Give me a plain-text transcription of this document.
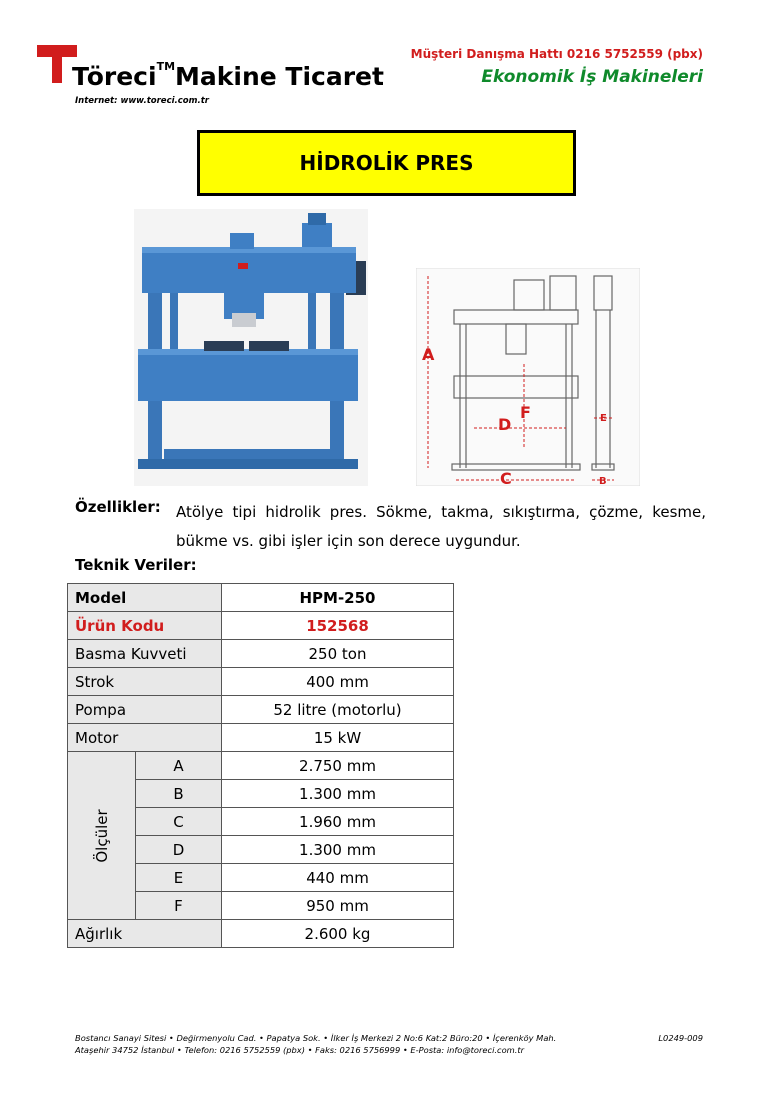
Töreci™Makine Ticaret
Internet: www.toreci.com.tr
Müşteri Danışma Hattı 0216 5752559 (pbx)
Ekonomik İş Makineleri
HİDROLİK PRES
A
F
D
C
E
B
Özellikler: Atölye tipi hidrolik pres. Sökme, takma, sıkıştırma, çözme, kesme, bükme vs. gibi işler için son derece uygundur.
Teknik Veriler:
Model		HPM-250
Ürün Kodu		152568
Basma Kuvveti		250 ton
Strok		400 mm
Pompa		52 litre (motorlu)
Motor		15 kW

Ölçüler	A	2.750 mm
	B	1.300 mm
	C	1.960 mm
	D	1.300 mm
	E	440 mm
	F	950 mm
Ağırlık		2.600 kg
Bostancı Sanayi Sitesi • Değirmenyolu Cad. • Papatya Sok. • İlker İş Merkezi 2 No:6 Kat:2 Büro:20 • İçerenköy Mah.
Ataşehir 34752 İstanbul • Telefon: 0216 5752559 (pbx) • Faks: 0216 5756999 • E-Posta: info@toreci.com.tr
L0249-009
